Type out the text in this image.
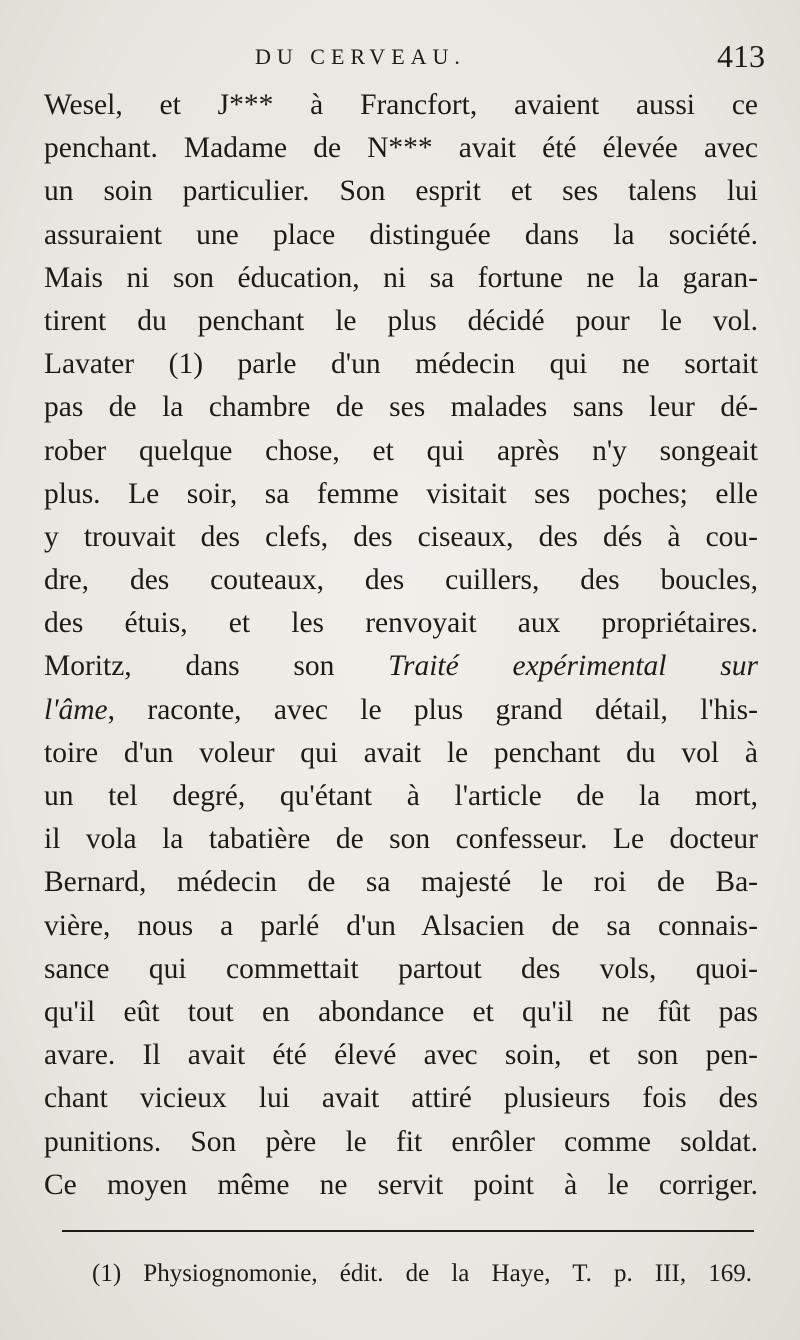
DU CERVEAU.	413
Wesel, et J*** à Francfort, avaient aussi ce
penchant. Madame de N*** avait été élevée avec
un soin particulier. Son esprit et ses talens lui
assuraient une place distinguée dans la société.
Mais ni son éducation, ni sa fortune ne la garan-
tirent du penchant le plus décidé pour le vol.
Lavater (1) parle d'un médecin qui ne sortait
pas de la chambre de ses malades sans leur dé-
rober quelque chose, et qui après n'y songeait
plus. Le soir, sa femme visitait ses poches; elle
y trouvait des clefs, des ciseaux, des dés à cou-
dre, des couteaux, des cuillers, des boucles,
des étuis, et les renvoyait aux propriétaires.
Moritz, dans son Traité expérimental sur
l'âme, raconte, avec le plus grand détail, l'his-
toire d'un voleur qui avait le penchant du vol à
un tel degré, qu'étant à l'article de la mort,
il vola la tabatière de son confesseur. Le docteur
Bernard, médecin de sa majesté le roi de Ba-
vière, nous a parlé d'un Alsacien de sa connais-
sance qui commettait partout des vols, quoi-
qu'il eût tout en abondance et qu'il ne fût pas
avare. Il avait été élevé avec soin, et son pen-
chant vicieux lui avait attiré plusieurs fois des
punitions. Son père le fit enrôler comme soldat.
Ce moyen même ne servit point à le corriger.
(1) Physiognomonie, édit. de la Haye, T. p. III, 169.
